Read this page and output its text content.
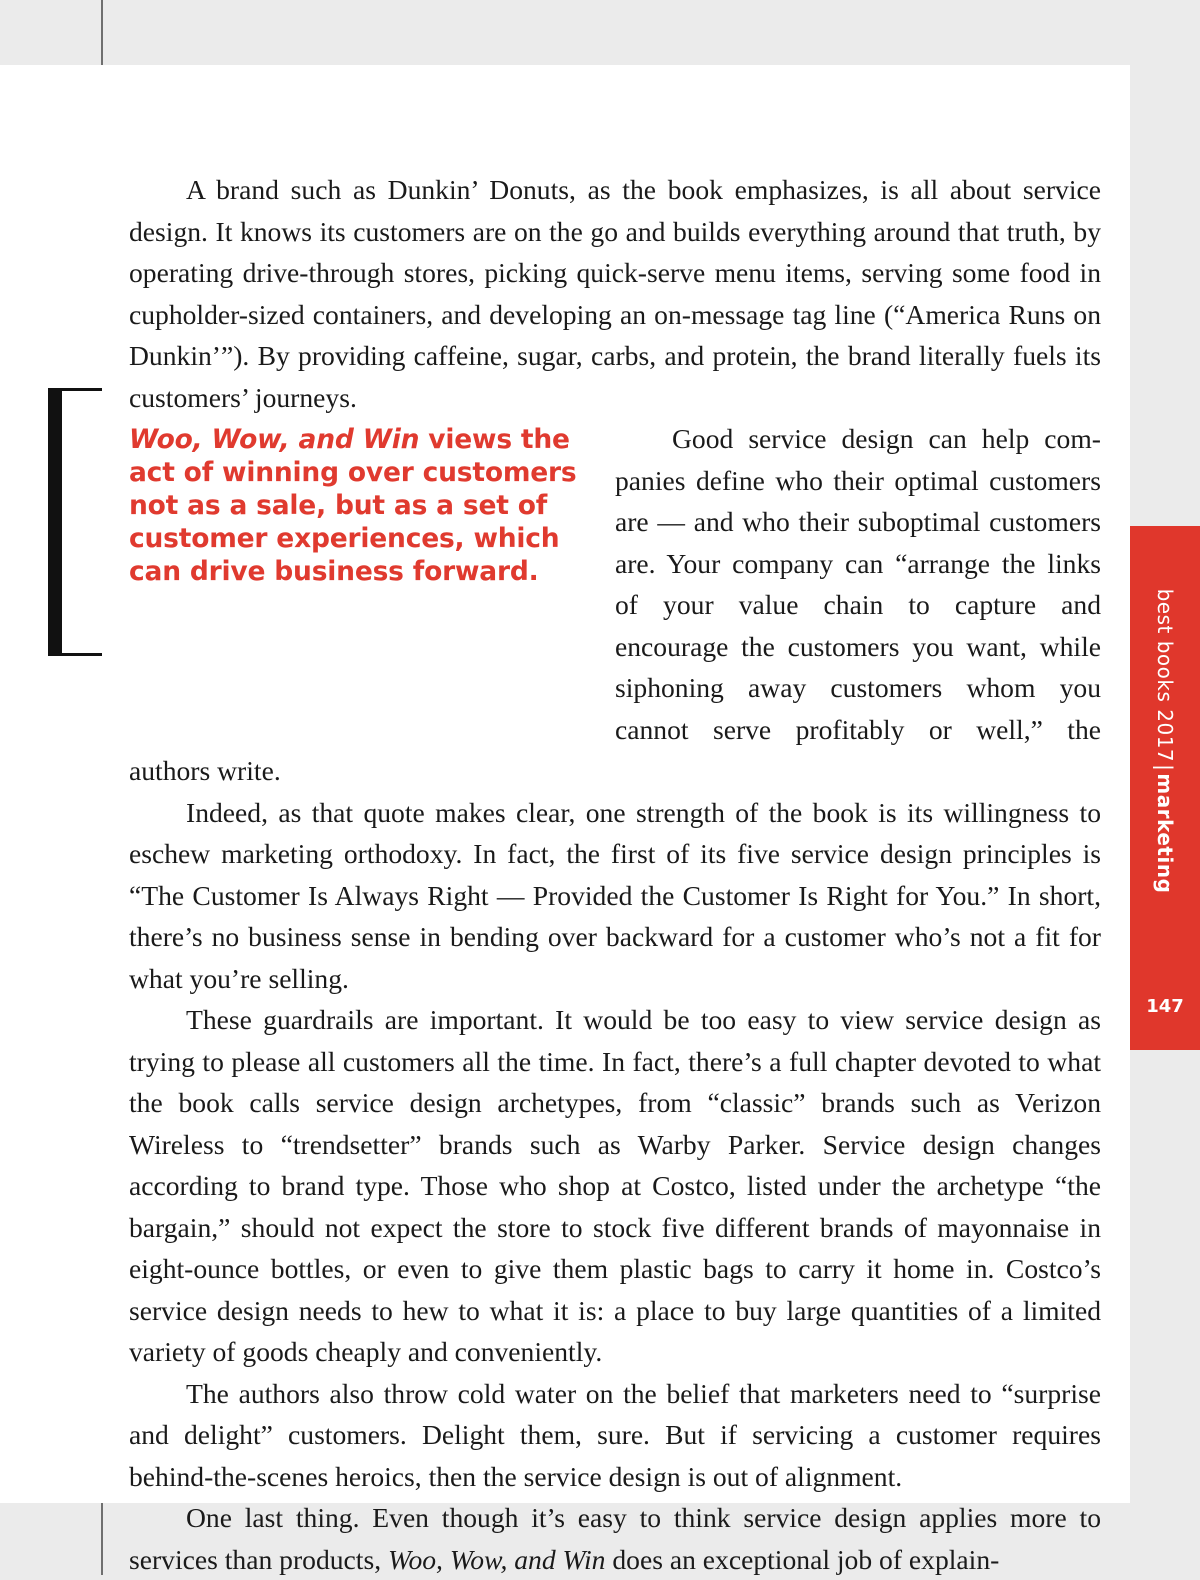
Woo, Wow, and Win views the act of winning over customers not as a sale, but as a set of customer experiences, which can drive business forward.

A brand such as Dunkin’ Donuts, as the book emphasizes, is all about service design. It knows its customers are on the go and builds everything around that truth, by operating drive-through stores, picking quick-serve menu items, serving some food in cupholder-sized containers, and developing an on-message tag line (“America Runs on Dunkin’”). By providing caffeine, sugar, carbs, and protein, the brand literally fuels its customers’ journeys.

Good service design can help companies define who their optimal customers are — and who their suboptimal customers are. Your company can “arrange the links of your value chain to capture and encourage the customers you want, while siphoning away customers whom you cannot serve profitably or well,” the authors write.

Indeed, as that quote makes clear, one strength of the book is its willingness to eschew marketing orthodoxy. In fact, the first of its five service design principles is “The Customer Is Always Right — Provided the Customer Is Right for You.” In short, there’s no business sense in bending over backward for a customer who’s not a fit for what you’re selling.

These guardrails are important. It would be too easy to view service design as trying to please all customers all the time. In fact, there’s a full chapter devoted to what the book calls service design archetypes, from “classic” brands such as Verizon Wireless to “trendsetter” brands such as Warby Parker. Service design changes according to brand type. Those who shop at Costco, listed under the archetype “the bargain,” should not expect the store to stock five different brands of mayonnaise in eight-ounce bottles, or even to give them plastic bags to carry it home in. Costco’s service design needs to hew to what it is: a place to buy large quantities of a limited variety of goods cheaply and conveniently.

The authors also throw cold water on the belief that marketers need to “surprise and delight” customers. Delight them, sure. But if servicing a customer requires behind-the-scenes heroics, then the service design is out of alignment.

One last thing. Even though it’s easy to think service design applies more to services than products, Woo, Wow, and Win does an exceptional job of explain-

best books 2017|marketing
147
